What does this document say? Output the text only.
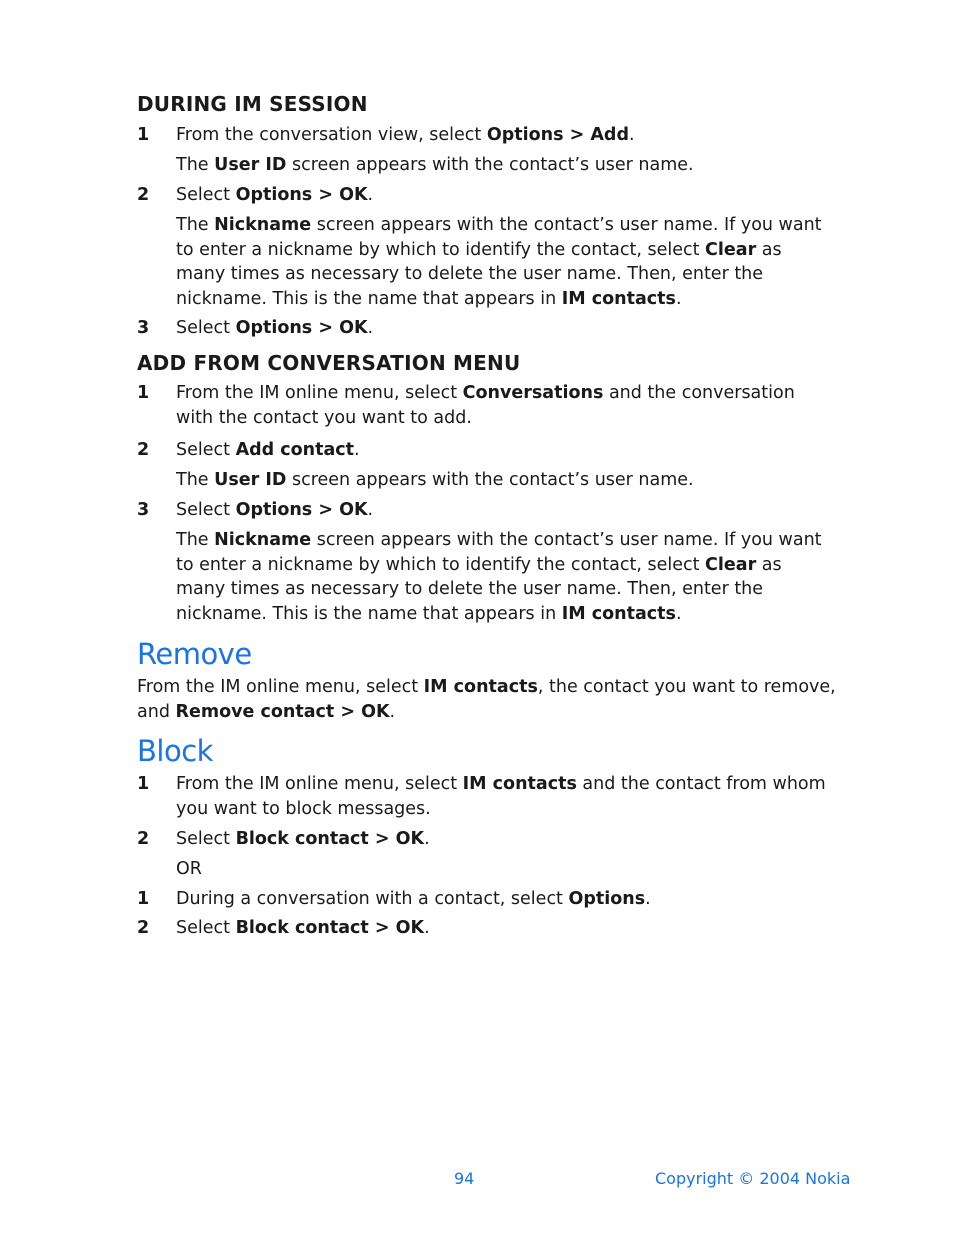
DURING IM SESSION
1 From the conversation view, select Options > Add.
The User ID screen appears with the contact’s user name.
2 Select Options > OK.
The Nickname screen appears with the contact’s user name. If you want to enter a nickname by which to identify the contact, select Clear as many times as necessary to delete the user name. Then, enter the nickname. This is the name that appears in IM contacts.
3 Select Options > OK.
ADD FROM CONVERSATION MENU
1 From the IM online menu, select Conversations and the conversation with the contact you want to add.
2 Select Add contact.
The User ID screen appears with the contact’s user name.
3 Select Options > OK.
The Nickname screen appears with the contact’s user name. If you want to enter a nickname by which to identify the contact, select Clear as many times as necessary to delete the user name. Then, enter the nickname. This is the name that appears in IM contacts.
Remove
From the IM online menu, select IM contacts, the contact you want to remove, and Remove contact > OK.
Block
1 From the IM online menu, select IM contacts and the contact from whom you want to block messages.
2 Select Block contact > OK.
OR
1 During a conversation with a contact, select Options.
2 Select Block contact > OK.
94	Copyright © 2004 Nokia
